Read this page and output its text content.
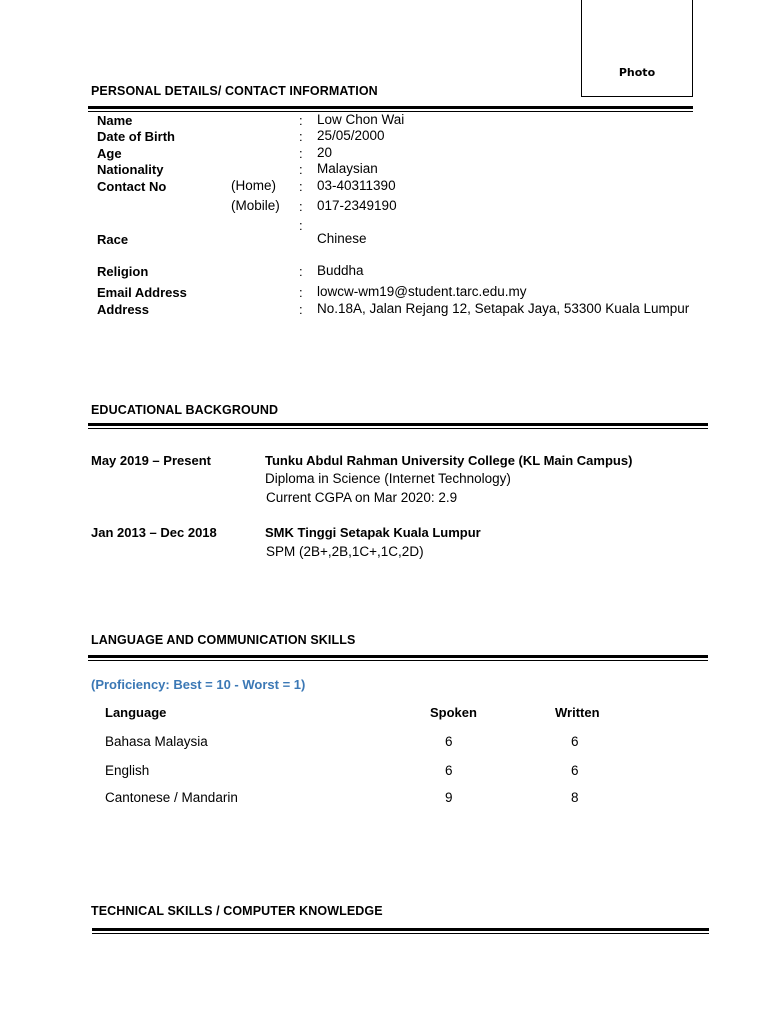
Photo
PERSONAL DETAILS/ CONTACT INFORMATION
Name	: Low Chon Wai
Date of Birth	: 25/05/2000
Age	: 20
Nationality	: Malaysian
Contact No	(Home) : 03-40311390
(Mobile) : 017-2349190
:
Race	Chinese
Religion	: Buddha
Email Address	: lowcw-wm19@student.tarc.edu.my
Address	: No.18A, Jalan Rejang 12, Setapak Jaya, 53300 Kuala Lumpur
EDUCATIONAL BACKGROUND
May 2019 – Present	Tunku Abdul Rahman University College (KL Main Campus)
Diploma in Science (Internet Technology)
Current CGPA on Mar 2020: 2.9
Jan 2013 – Dec 2018	SMK Tinggi Setapak Kuala Lumpur
SPM (2B+,2B,1C+,1C,2D)
LANGUAGE AND COMMUNICATION SKILLS
(Proficiency: Best = 10 - Worst = 1)
Language	Spoken	Written
Bahasa Malaysia	6	6
English	6	6
Cantonese / Mandarin	9	8
TECHNICAL SKILLS / COMPUTER KNOWLEDGE
